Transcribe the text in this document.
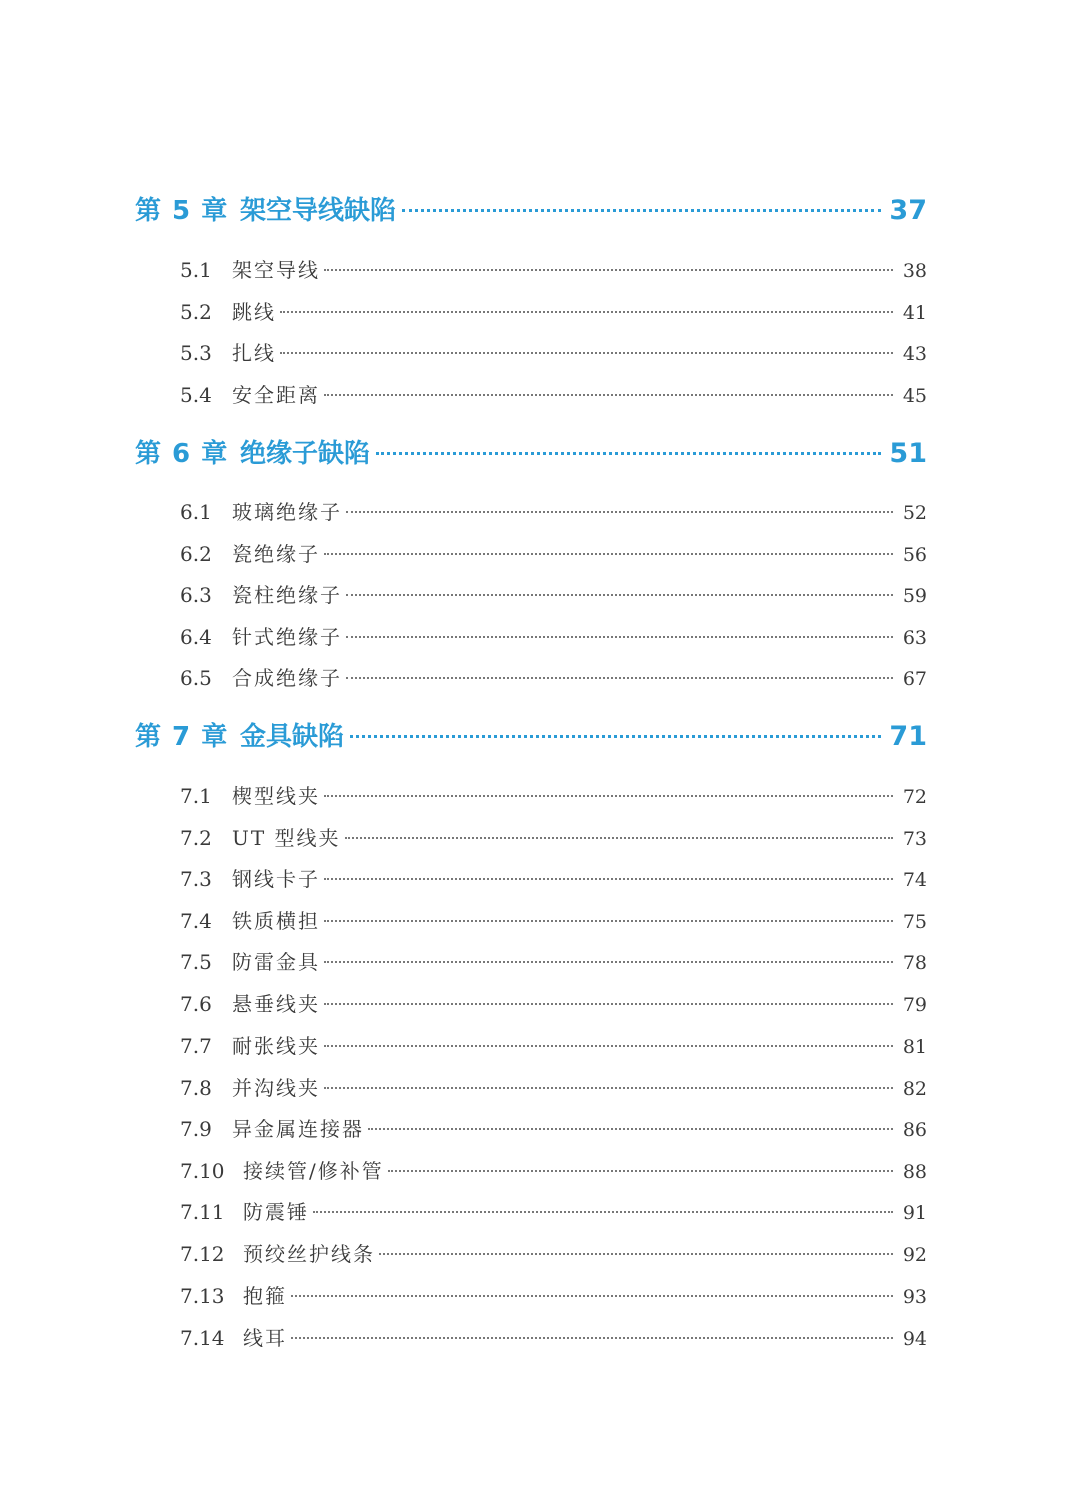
第 5 章 架空导线缺陷	37
5.1	架空导线	38
5.2	跳线	41
5.3	扎线	43
5.4	安全距离	45
第 6 章 绝缘子缺陷	51
6.1	玻璃绝缘子	52
6.2	瓷绝缘子	56
6.3	瓷柱绝缘子	59
6.4	针式绝缘子	63
6.5	合成绝缘子	67
第 7 章 金具缺陷	71
7.1	楔型线夹	72
7.2	UT 型线夹	73
7.3	钢线卡子	74
7.4	铁质横担	75
7.5	防雷金具	78
7.6	悬垂线夹	79
7.7	耐张线夹	81
7.8	并沟线夹	82
7.9	异金属连接器	86
7.10 接续管/修补管	88
7.11 防震锤	91
7.12 预绞丝护线条	92
7.13 抱箍	93
7.14 线耳	94
